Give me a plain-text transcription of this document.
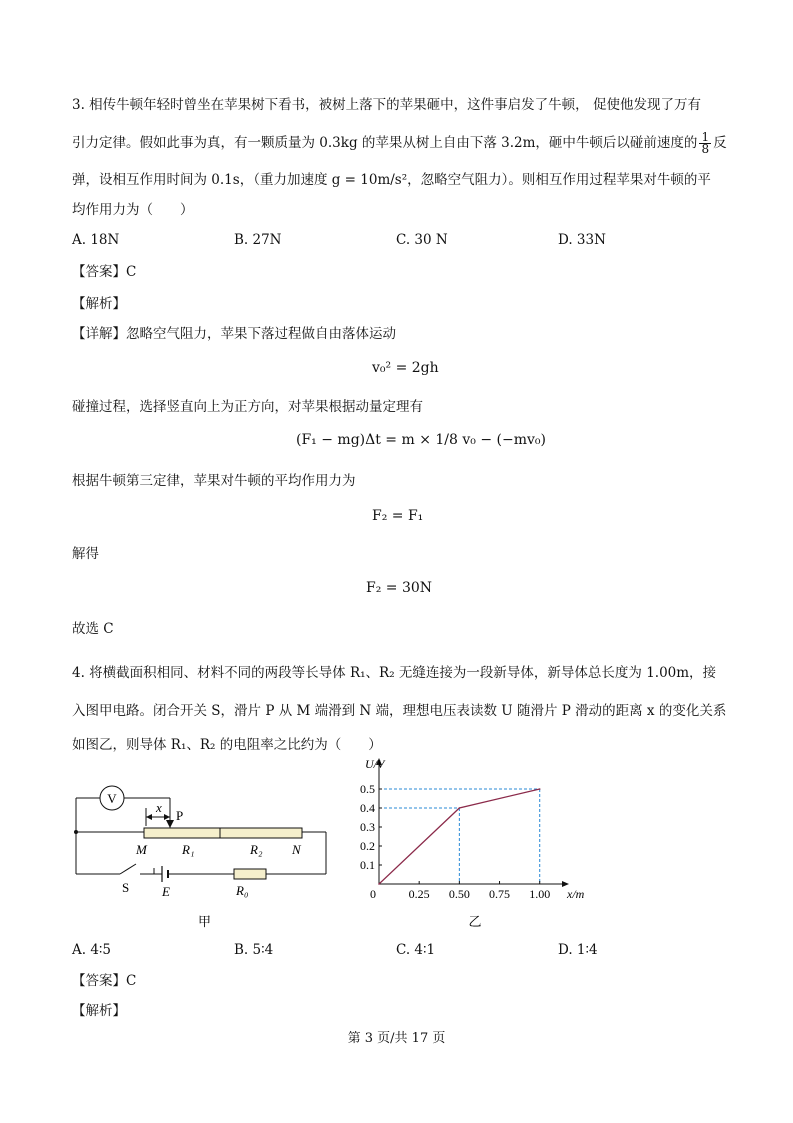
3. 相传牛顿年轻时曾坐在苹果树下看书，被树上落下的苹果砸中，这件事启发了牛顿， 促使他发现了万有
引力定律。假如此事为真，有一颗质量为 0.3kg 的苹果从树上自由下落 3.2m，砸中牛顿后以碰前速度的 $\frac{1}{8}$ 反
弹，设相互作用时间为 0.1s，（重力加速度 g = 10m/s²，忽略空气阻力）。则相互作用过程苹果对牛顿的平
均作用力为（　　）
A. 18N	B. 27N	C. 30 N	D. 33N
【答案】C
【解析】
【详解】忽略空气阻力，苹果下落过程做自由落体运动
v₀² = 2gh
碰撞过程，选择竖直向上为正方向，对苹果根据动量定理有
(F₁ − mg)Δt = m × 1/8 v₀ − (−mv₀)
根据牛顿第三定律，苹果对牛顿的平均作用力为
F₂ = F₁
解得
F₂ = 30N
故选 C
4. 将横截面积相同、材料不同的两段等长导体 R₁、R₂ 无缝连接为一段新导体，新导体总长度为 1.00m，接
入图甲电路。闭合开关 S，滑片 P 从 M 端滑到 N 端，理想电压表读数 U 随滑片 P 滑动的距离 x 的变化关系
如图乙，则导体 R₁、R₂ 的电阻率之比约为（　　）
V
x
P
M	R₁	R₂ N
S	E	R₀
甲
0.25 0.50 0.75 1.00
0.1
0.2
0.3
0.4
0.5
0	x/m
U/V
乙
A. 4∶5	B. 5∶4	C. 4∶1	D. 1∶4
【答案】C
【解析】
第 3 页/共 17 页
